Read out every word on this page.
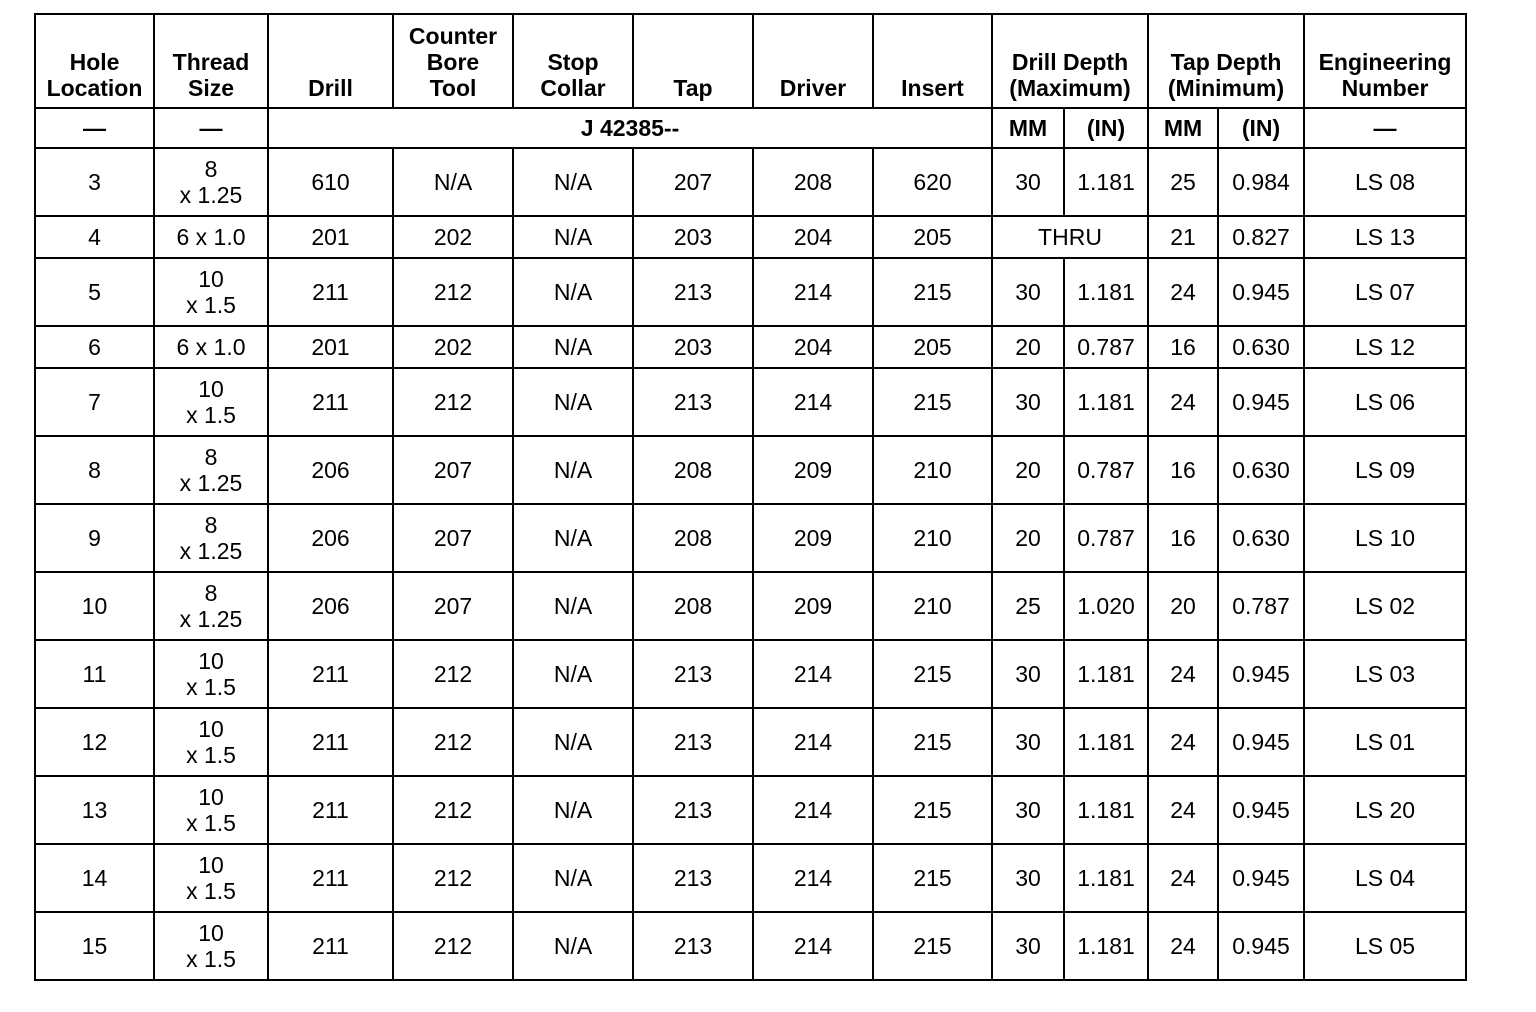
Hole
Location	Thread
Size	Drill	Counter
Bore
Tool	Stop
Collar	Tap	Driver	Insert	Drill Depth
(Maximum)		Tap Depth
(Minimum)		Engineering
Number
—	—	J 42385--						MM	(IN)	MM	(IN)	—
3	8
x 1.25	610	N/A	N/A	207	208	620	30	1.181	25	0.984	LS 08
4	6 x 1.0	201	202	N/A	203	204	205	THRU		21	0.827	LS 13
5	10
x 1.5	211	212	N/A	213	214	215	30	1.181	24	0.945	LS 07
6	6 x 1.0	201	202	N/A	203	204	205	20	0.787	16	0.630	LS 12
7	10
x 1.5	211	212	N/A	213	214	215	30	1.181	24	0.945	LS 06
8	8
x 1.25	206	207	N/A	208	209	210	20	0.787	16	0.630	LS 09
9	8
x 1.25	206	207	N/A	208	209	210	20	0.787	16	0.630	LS 10
10	8
x 1.25	206	207	N/A	208	209	210	25	1.020	20	0.787	LS 02
11	10
x 1.5	211	212	N/A	213	214	215	30	1.181	24	0.945	LS 03
12	10
x 1.5	211	212	N/A	213	214	215	30	1.181	24	0.945	LS 01
13	10
x 1.5	211	212	N/A	213	214	215	30	1.181	24	0.945	LS 20
14	10
x 1.5	211	212	N/A	213	214	215	30	1.181	24	0.945	LS 04
15	10
x 1.5	211	212	N/A	213	214	215	30	1.181	24	0.945	LS 05
